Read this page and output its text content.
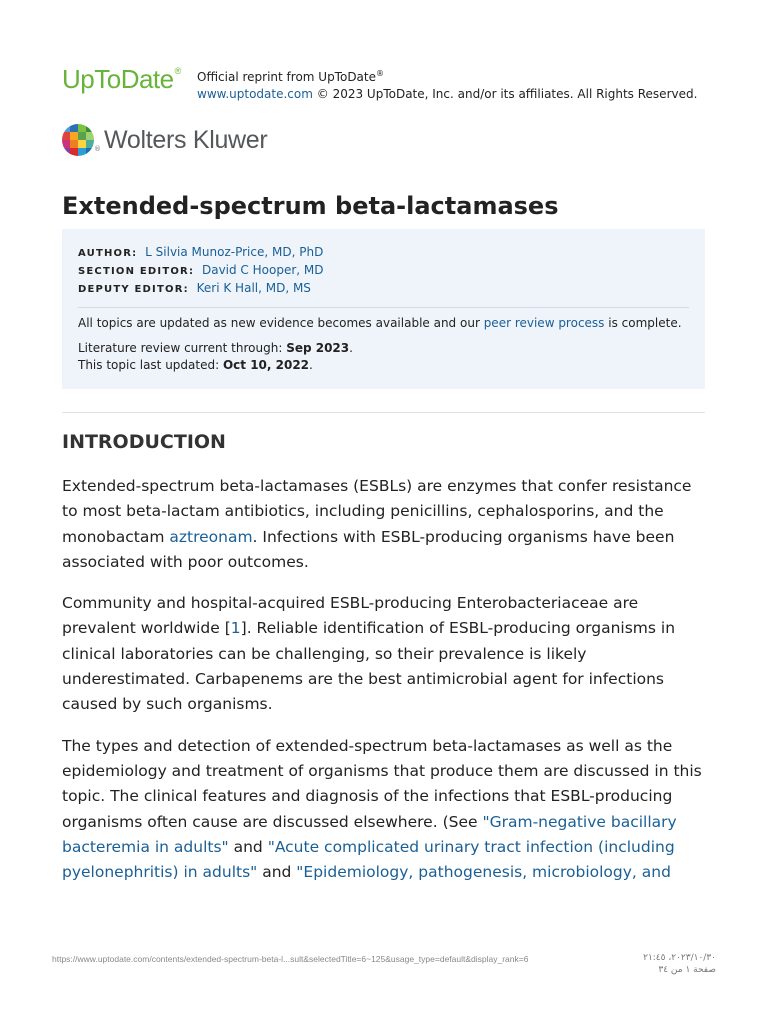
UpToDate® Official reprint from UpToDate®
www.uptodate.com © 2023 UpToDate, Inc. and/or its affiliates. All Rights Reserved.
® Wolters Kluwer
Extended-spectrum beta-lactamases
AUTHOR: L Silvia Munoz-Price, MD, PhD
SECTION EDITOR: David C Hooper, MD
DEPUTY EDITOR: Keri K Hall, MD, MS

All topics are updated as new evidence becomes available and our peer review process is complete.

Literature review current through: Sep 2023.
This topic last updated: Oct 10, 2022.

INTRODUCTION

Extended-spectrum beta-lactamases (ESBLs) are enzymes that confer resistance to most beta-lactam antibiotics, including penicillins, cephalosporins, and the monobactam aztreonam. Infections with ESBL-producing organisms have been associated with poor outcomes.

Community and hospital-acquired ESBL-producing Enterobacteriaceae are prevalent worldwide [1]. Reliable identification of ESBL-producing organisms in clinical laboratories can be challenging, so their prevalence is likely underestimated. Carbapenems are the best antimicrobial agent for infections caused by such organisms.

The types and detection of extended-spectrum beta-lactamases as well as the epidemiology and treatment of organisms that produce them are discussed in this topic. The clinical features and diagnosis of the infections that ESBL-producing organisms often cause are discussed elsewhere. (See "Gram-negative bacillary bacteremia in adults" and "Acute complicated urinary tract infection (including pyelonephritis) in adults" and "Epidemiology, pathogenesis, microbiology, and

https://www.uptodate.com/contents/extended-spectrum-beta-l...sult&selectedTitle=6~125&usage_type=default&display_rank=6	٢٠٢٣/١٠/٣٠، ٢١:٤٥
صفحة ١ من ٣٤
